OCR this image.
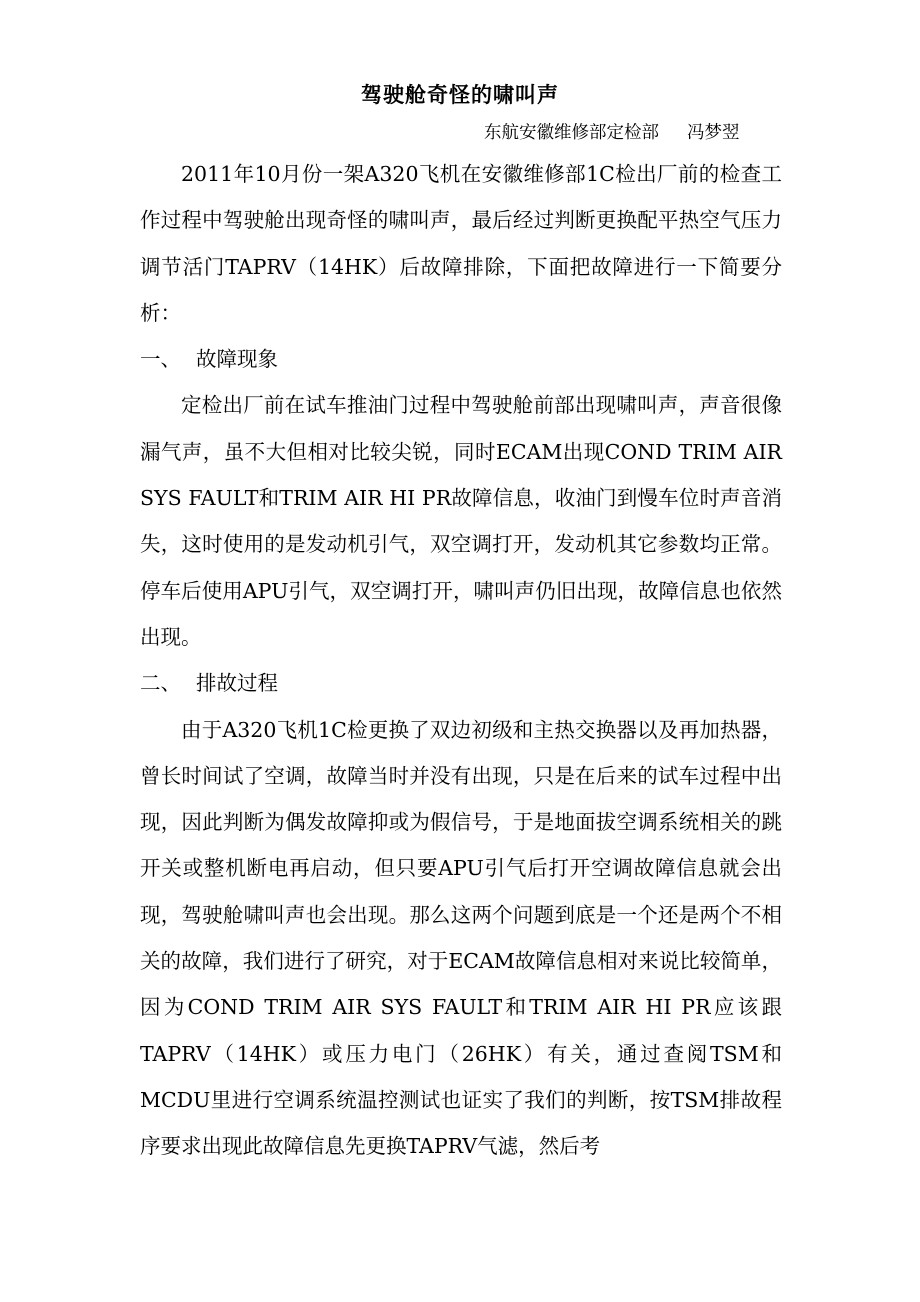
驾驶舱奇怪的啸叫声
东航安徽维修部定检部 冯梦翌

2011年10月份一架A320飞机在安徽维修部1C检出厂前的检查工作过程中驾驶舱出现奇怪的啸叫声，最后经过判断更换配平热空气压力调节活门TAPRV（14HK）后故障排除，下面把故障进行一下简要分析：

一、 故障现象

定检出厂前在试车推油门过程中驾驶舱前部出现啸叫声，声音很像漏气声，虽不大但相对比较尖锐，同时ECAM出现COND TRIM AIR SYS FAULT和TRIM AIR HI PR故障信息，收油门到慢车位时声音消失，这时使用的是发动机引气，双空调打开，发动机其它参数均正常。停车后使用APU引气，双空调打开，啸叫声仍旧出现，故障信息也依然出现。

二、 排故过程

由于A320飞机1C检更换了双边初级和主热交换器以及再加热器，曾长时间试了空调，故障当时并没有出现，只是在后来的试车过程中出现，因此判断为偶发故障抑或为假信号，于是地面拔空调系统相关的跳开关或整机断电再启动，但只要APU引气后打开空调故障信息就会出现，驾驶舱啸叫声也会出现。那么这两个问题到底是一个还是两个不相关的故障，我们进行了研究，对于ECAM故障信息相对来说比较简单，因为COND TRIM AIR SYS FAULT和TRIM AIR HI PR应该跟TAPRV（14HK）或压力电门（26HK）有关，通过查阅TSM和MCDU里进行空调系统温控测试也证实了我们的判断，按TSM排故程序要求出现此故障信息先更换TAPRV气滤，然后考
